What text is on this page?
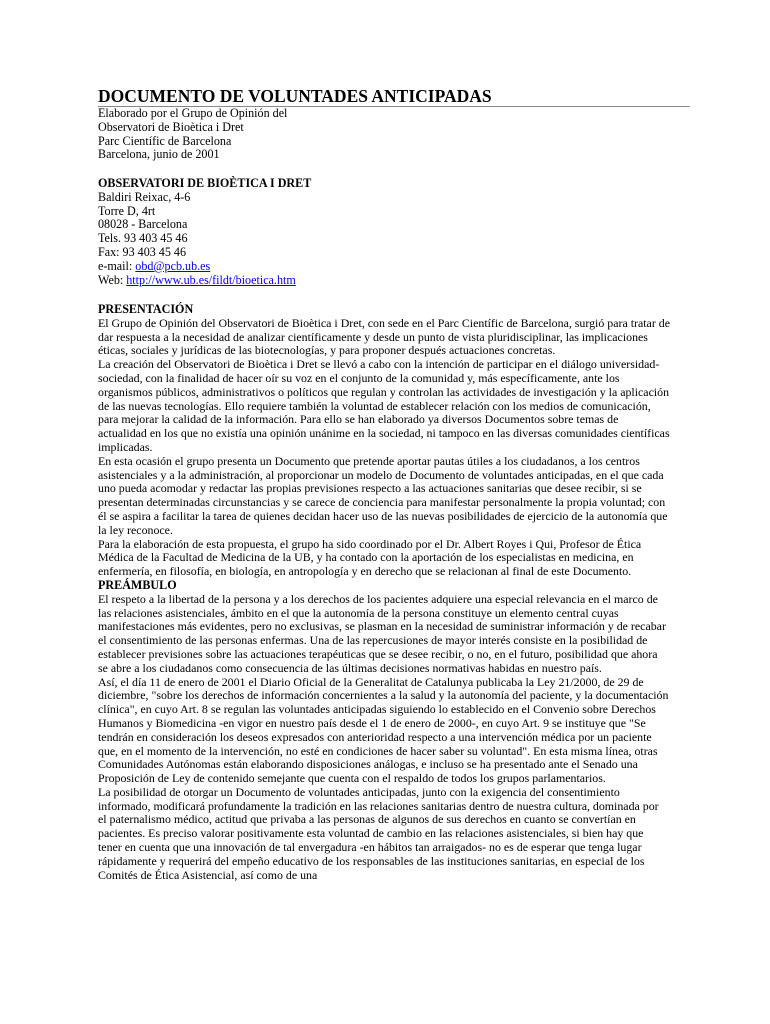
DOCUMENTO DE VOLUNTADES ANTICIPADAS
Elaborado por el Grupo de Opinión del
Observatori de Bioètica i Dret
Parc Científic de Barcelona
Barcelona, junio de 2001
OBSERVATORI DE BIOÈTICA I DRET
Baldiri Reixac, 4-6
Torre D, 4rt
08028 - Barcelona
Tels. 93 403 45 46
Fax: 93 403 45 46
e-mail: obd@pcb.ub.es
Web: http://www.ub.es/fildt/bioetica.htm

PRESENTACIÓN

El Grupo de Opinión del Observatori de Bioètica i Dret, con sede en el Parc Científic de Barcelona, surgió para tratar de dar respuesta a la necesidad de analizar científicamente y desde un punto de vista pluridisciplinar, las implicaciones éticas, sociales y jurídicas de las biotecnologías, y para proponer después actuaciones concretas.

La creación del Observatori de Bioètica i Dret se llevó a cabo con la intención de participar en el diálogo universidad-sociedad, con la finalidad de hacer oír su voz en el conjunto de la comunidad y, más específicamente, ante los organismos públicos, administrativos o políticos que regulan y controlan las actividades de investigación y la aplicación de las nuevas tecnologías. Ello requiere también la voluntad de establecer relación con los medios de comunicación, para mejorar la calidad de la información. Para ello se han elaborado ya diversos Documentos sobre temas de actualidad en los que no existía una opinión unánime en la sociedad, ni tampoco en las diversas comunidades científicas implicadas.

En esta ocasión el grupo presenta un Documento que pretende aportar pautas útiles a los ciudadanos, a los centros asistenciales y a la administración, al proporcionar un modelo de Documento de voluntades anticipadas, en el que cada uno pueda acomodar y redactar las propias previsiones respecto a las actuaciones sanitarias que desee recibir, si se presentan determinadas circunstancias y se carece de conciencia para manifestar personalmente la propia voluntad; con él se aspira a facilitar la tarea de quienes decidan hacer uso de las nuevas posibilidades de ejercicio de la autonomía que la ley reconoce.

Para la elaboración de esta propuesta, el grupo ha sido coordinado por el Dr. Albert Royes i Qui, Profesor de Ética Médica de la Facultad de Medicina de la UB, y ha contado con la aportación de los especialistas en medicina, en enfermería, en filosofía, en biología, en antropología y en derecho que se relacionan al final de este Documento.

PREÁMBULO

El respeto a la libertad de la persona y a los derechos de los pacientes adquiere una especial relevancia en el marco de las relaciones asistenciales, ámbito en el que la autonomía de la persona constituye un elemento central cuyas manifestaciones más evidentes, pero no exclusivas, se plasman en la necesidad de suministrar información y de recabar el consentimiento de las personas enfermas. Una de las repercusiones de mayor interés consiste en la posibilidad de establecer previsiones sobre las actuaciones terapéuticas que se desee recibir, o no, en el futuro, posibilidad que ahora se abre a los ciudadanos como consecuencia de las últimas decisiones normativas habidas en nuestro país.

Así, el día 11 de enero de 2001 el Diario Oficial de la Generalitat de Catalunya publicaba la Ley 21/2000, de 29 de diciembre, "sobre los derechos de información concernientes a la salud y la autonomía del paciente, y la documentación clínica", en cuyo Art. 8 se regulan las voluntades anticipadas siguiendo lo establecido en el Convenio sobre Derechos Humanos y Biomedicina -en vigor en nuestro país desde el 1 de enero de 2000-, en cuyo Art. 9 se instituye que "Se tendrán en consideración los deseos expresados con anterioridad respecto a una intervención médica por un paciente que, en el momento de la intervención, no esté en condiciones de hacer saber su voluntad". En esta misma línea, otras Comunidades Autónomas están elaborando disposiciones análogas, e incluso se ha presentado ante el Senado una Proposición de Ley de contenido semejante que cuenta con el respaldo de todos los grupos parlamentarios.

La posibilidad de otorgar un Documento de voluntades anticipadas, junto con la exigencia del consentimiento informado, modificará profundamente la tradición en las relaciones sanitarias dentro de nuestra cultura, dominada por el paternalismo médico, actitud que privaba a las personas de algunos de sus derechos en cuanto se convertían en pacientes. Es preciso valorar positivamente esta voluntad de cambio en las relaciones asistenciales, si bien hay que tener en cuenta que una innovación de tal envergadura -en hábitos tan arraigados- no es de esperar que tenga lugar rápidamente y requerirá del empeño educativo de los responsables de las instituciones sanitarias, en especial de los Comités de Ética Asistencial, así como de una
